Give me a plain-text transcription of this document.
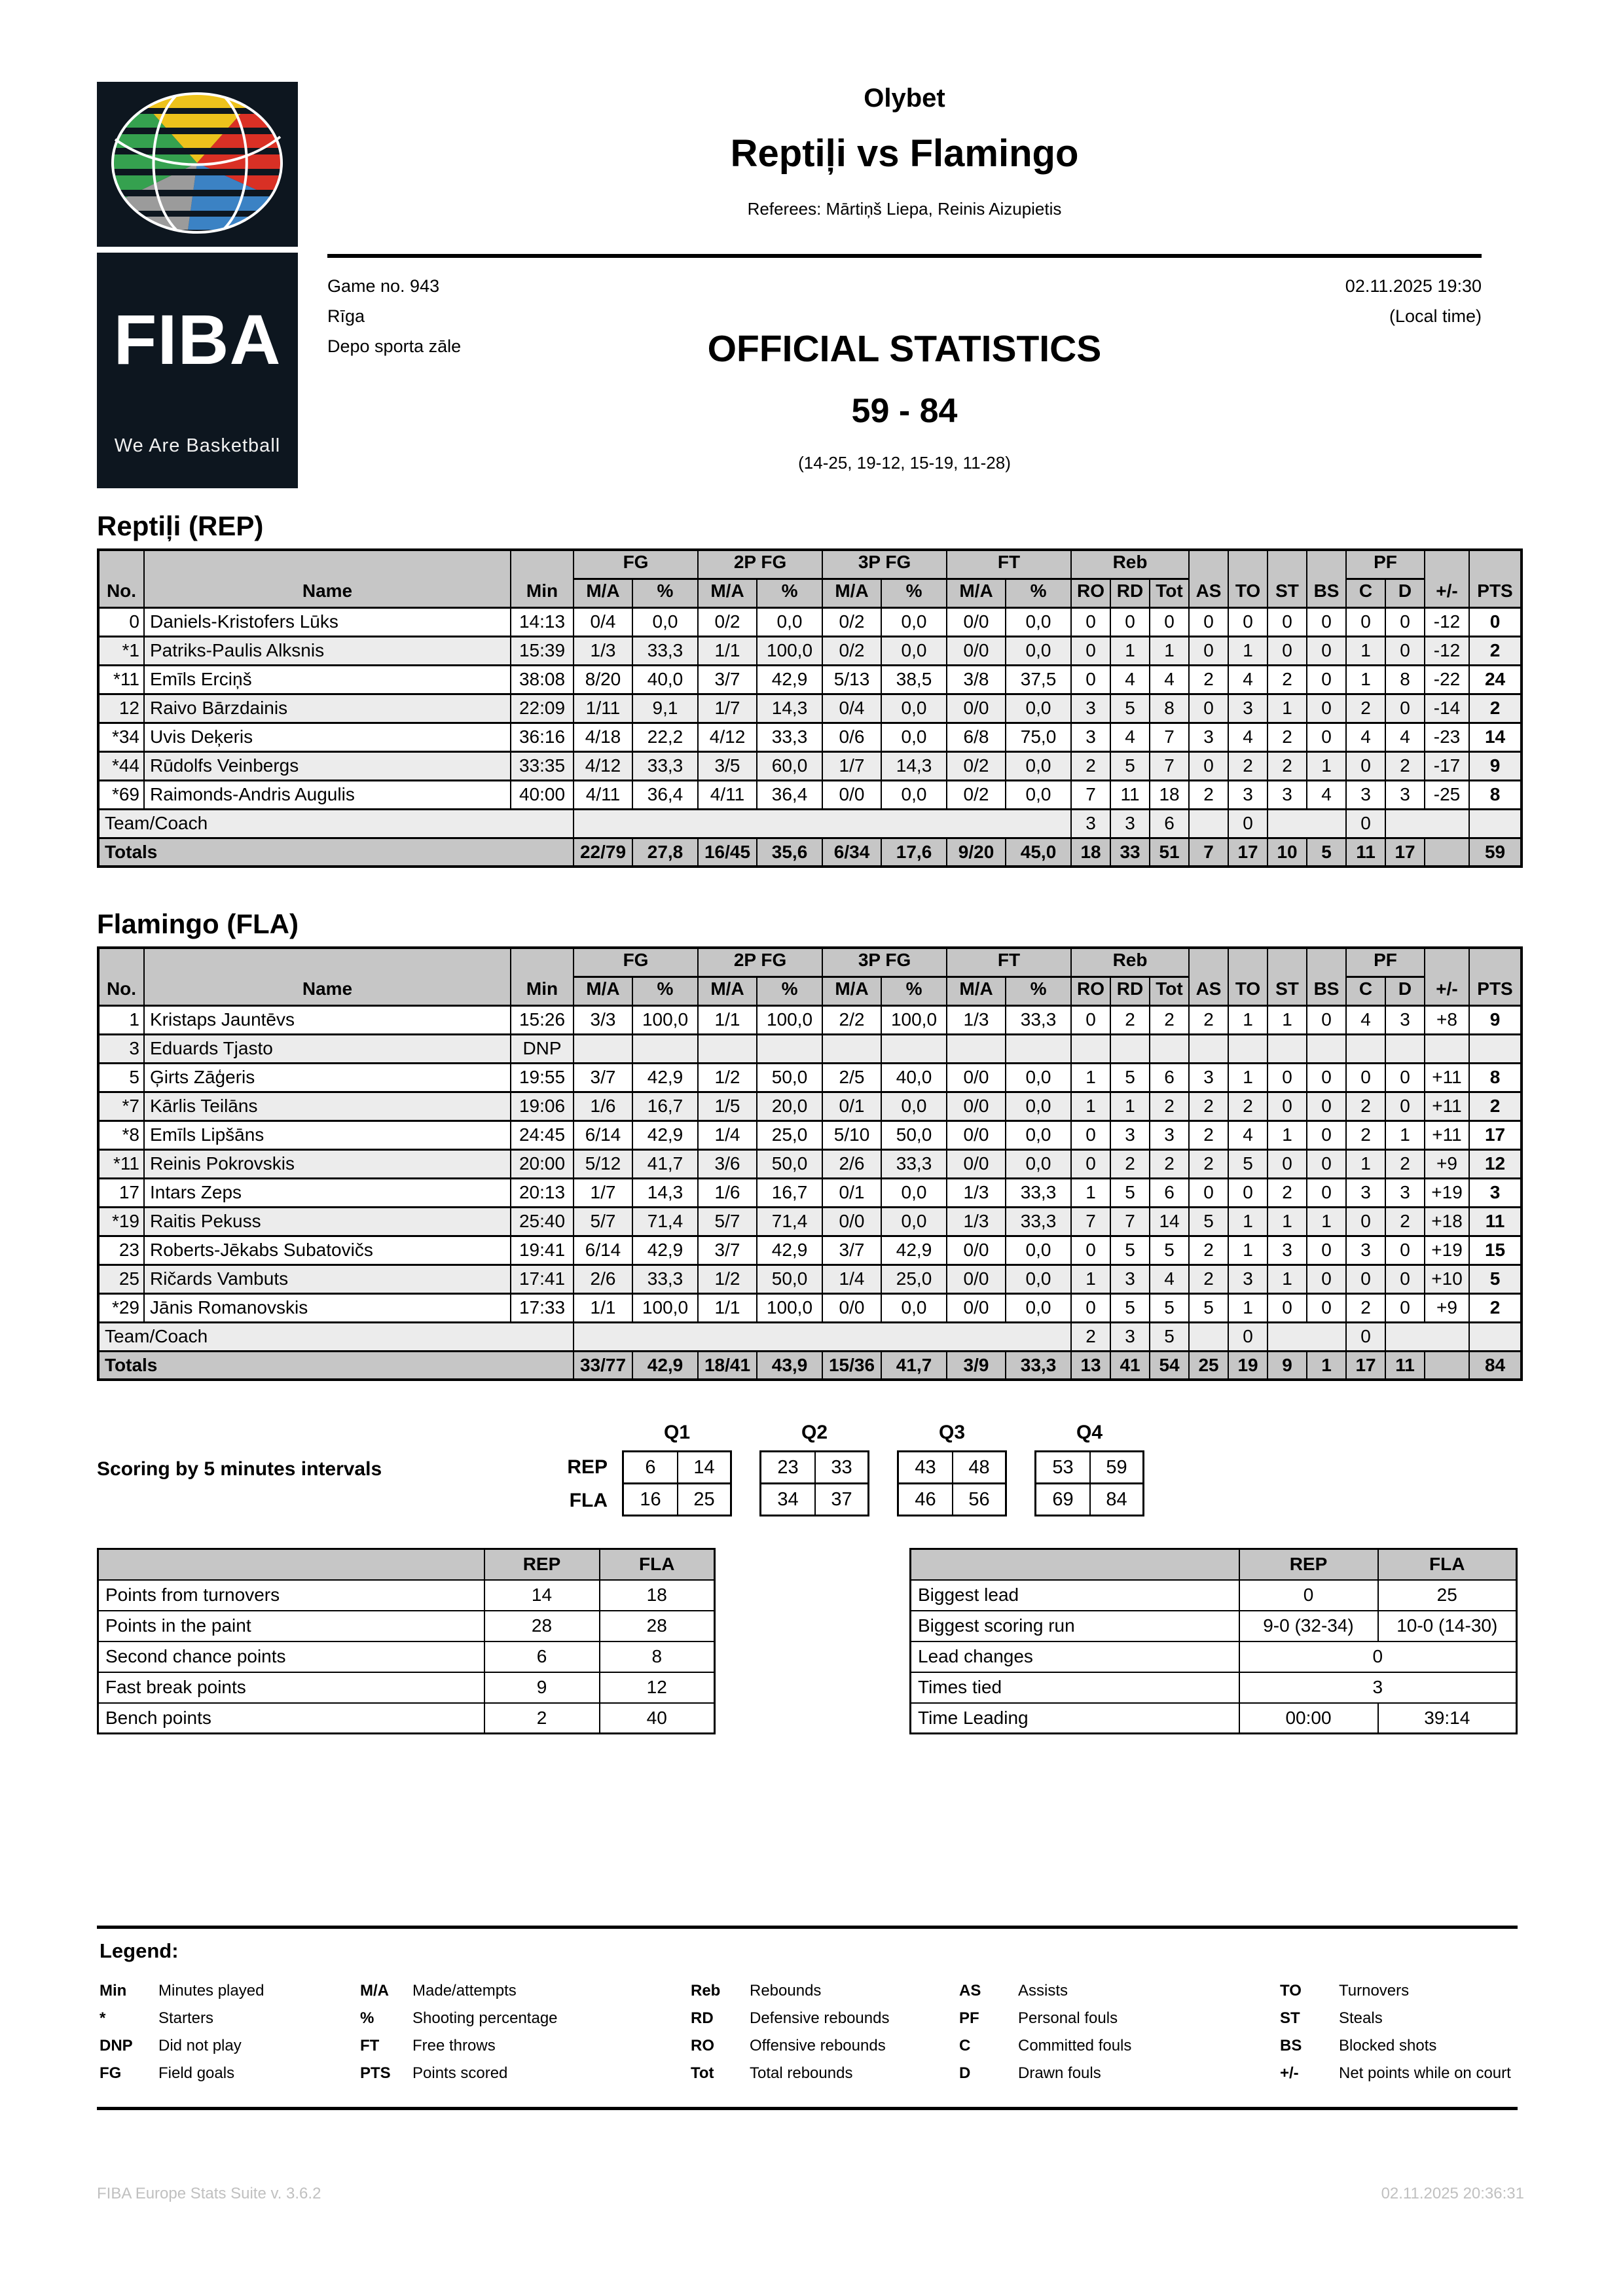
FIBA
We Are Basketball
Olybet
Reptiļi vs Flamingo
Referees: Mārtiņš Liepa, Reinis Aizupietis
Game no. 943
Rīga
Depo sporta zāle
02.11.2025 19:30
(Local time)
OFFICIAL STATISTICS
59 - 84
(14-25, 19-12, 15-19, 11-28)
Reptiļi (REP)
No.	Name	Min	FG		2P FG		3P FG		FT		Reb			AS	TO	ST	BS	PF		+/-	PTS
			M/A	%	M/A	%	M/A	%	M/A	%	RO	RD	Tot					C	D		
0	Daniels-Kristofers Lūks	14:13	0/4	0,0	0/2	0,0	0/2	0,0	0/0	0,0	0	0	0	0	0	0	0	0	0	-12	0
*1	Patriks-Paulis Alksnis	15:39	1/3	33,3	1/1	100,0	0/2	0,0	0/0	0,0	0	1	1	0	1	0	0	1	0	-12	2
*11	Emīls Erciņš	38:08	8/20	40,0	3/7	42,9	5/13	38,5	3/8	37,5	0	4	4	2	4	2	0	1	8	-22	24
12	Raivo Bārzdainis	22:09	1/11	9,1	1/7	14,3	0/4	0,0	0/0	0,0	3	5	8	0	3	1	0	2	0	-14	2
*34	Uvis Deķeris	36:16	4/18	22,2	4/12	33,3	0/6	0,0	6/8	75,0	3	4	7	3	4	2	0	4	4	-23	14
*44	Rūdolfs Veinbergs	33:35	4/12	33,3	3/5	60,0	1/7	14,3	0/2	0,0	2	5	7	0	2	2	1	0	2	-17	9
*69	Raimonds-Andris Augulis	40:00	4/11	36,4	4/11	36,4	0/0	0,0	0/2	0,0	7	11	18	2	3	3	4	3	3	-25	8
Team/Coach											3	3	6		0			0			
Totals			22/79	27,8	16/45	35,6	6/34	17,6	9/20	45,0	18	33	51	7	17	10	5	11	17		59
Flamingo (FLA)
No.	Name	Min	FG		2P FG		3P FG		FT		Reb			AS	TO	ST	BS	PF		+/-	PTS
			M/A	%	M/A	%	M/A	%	M/A	%	RO	RD	Tot					C	D		
1	Kristaps Jauntēvs	15:26	3/3	100,0	1/1	100,0	2/2	100,0	1/3	33,3	0	2	2	2	1	1	0	4	3	+8	9
3	Eduards Tjasto	DNP																			
5	Ģirts Zāģeris	19:55	3/7	42,9	1/2	50,0	2/5	40,0	0/0	0,0	1	5	6	3	1	0	0	0	0	+11	8
*7	Kārlis Teilāns	19:06	1/6	16,7	1/5	20,0	0/1	0,0	0/0	0,0	1	1	2	2	2	0	0	2	0	+11	2
*8	Emīls Lipšāns	24:45	6/14	42,9	1/4	25,0	5/10	50,0	0/0	0,0	0	3	3	2	4	1	0	2	1	+11	17
*11	Reinis Pokrovskis	20:00	5/12	41,7	3/6	50,0	2/6	33,3	0/0	0,0	0	2	2	2	5	0	0	1	2	+9	12
17	Intars Zeps	20:13	1/7	14,3	1/6	16,7	0/1	0,0	1/3	33,3	1	5	6	0	0	2	0	3	3	+19	3
*19	Raitis Pekuss	25:40	5/7	71,4	5/7	71,4	0/0	0,0	1/3	33,3	7	7	14	5	1	1	1	0	2	+18	11
23	Roberts-Jēkabs Subatovičs	19:41	6/14	42,9	3/7	42,9	3/7	42,9	0/0	0,0	0	5	5	2	1	3	0	3	0	+19	15
25	Ričards Vambuts	17:41	2/6	33,3	1/2	50,0	1/4	25,0	0/0	0,0	1	3	4	2	3	1	0	0	0	+10	5
*29	Jānis Romanovskis	17:33	1/1	100,0	1/1	100,0	0/0	0,0	0/0	0,0	0	5	5	5	1	0	0	2	0	+9	2
Team/Coach											2	3	5		0			0			
Totals			33/77	42,9	18/41	43,9	15/36	41,7	3/9	33,3	13	41	54	25	19	9	1	17	11		84
Scoring by 5 minutes intervals
Q1	Q2	Q3	Q4
REP	6	14	23	33	43	48	53	59
FLA	16	25	34	37	46	56	69	84
	REP	FLA
Points from turnovers	14	18
Points in the paint	28	28
Second chance points	6	8
Fast break points	9	12
Bench points	2	40
	REP	FLA
Biggest lead	0	25
Biggest scoring run	9-0 (32-34)	10-0 (14-30)
Lead changes	0	
Times tied	3	
Time Leading	00:00	39:14
Legend:
Min	Minutes played
*	Starters
DNP	Did not play
FG	Field goals
M/A	Made/attempts
%	Shooting percentage
FT	Free throws
PTS	Points scored
Reb	Rebounds
RD	Defensive rebounds
RO	Offensive rebounds
Tot	Total rebounds
AS	Assists
PF	Personal fouls
C	Committed fouls
D	Drawn fouls
TO	Turnovers
ST	Steals
BS	Blocked shots
+/-	Net points while on court
FIBA Europe Stats Suite v. 3.6.2	02.11.2025 20:36:31
